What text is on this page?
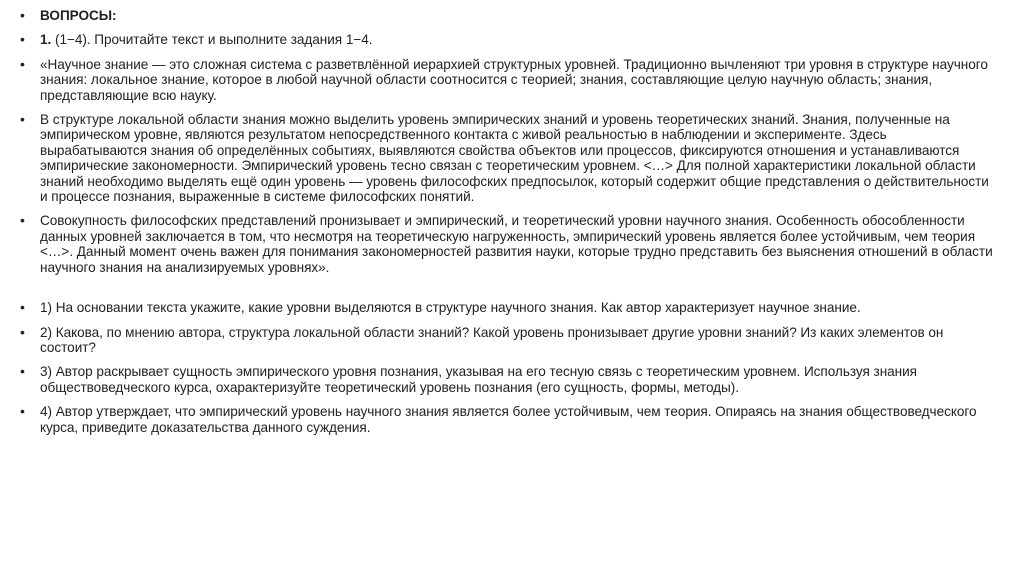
• ВОПРОСЫ:
• 1. (1−4). Прочитайте текст и выполните задания 1−4.
• «Научное знание — это сложная система с разветвлённой иерархией структурных уровней. Традиционно вычленяют три уровня в структуре научного знания: локальное знание, которое в любой научной области соотносится с теорией; знания, составляющие целую научную область; знания, представляющие всю науку.
• В структуре локальной области знания можно выделить уровень эмпирических знаний и уровень теоретических знаний. Знания, полученные на эмпирическом уровне, являются результатом непосредственного контакта с живой реальностью в наблюдении и эксперименте. Здесь вырабатываются знания об определённых событиях, выявляются свойства объектов или процессов, фиксируются отношения и устанавливаются эмпирические закономерности. Эмпирический уровень тесно связан с теоретическим уровнем. <…> Для полной характеристики локальной области знаний необходимо выделять ещё один уровень — уровень философских предпосылок, который содержит общие представления о действительности и процессе познания, выраженные в системе философских понятий.
• Совокупность философских представлений пронизывает и эмпирический, и теоретический уровни научного знания. Особенность обособленности данных уровней заключается в том, что несмотря на теоретическую нагруженность, эмпирический уровень является более устойчивым, чем теория <…>. Данный момент очень важен для понимания закономерностей развития науки, которые трудно представить без выяснения отношений в области научного знания на анализируемых уровнях».
• 1) На основании текста укажите, какие уровни выделяются в структуре научного знания. Как автор характеризует научное знание.
• 2) Какова, по мнению автора, структура локальной области знаний? Какой уровень пронизывает другие уровни знаний? Из каких элементов он состоит?
• 3) Автор раскрывает сущность эмпирического уровня познания, указывая на его тесную связь с теоретическим уровнем. Используя знания обществоведческого курса, охарактеризуйте теоретический уровень познания (его сущность, формы, методы).
• 4) Автор утверждает, что эмпирический уровень научного знания является более устойчивым, чем теория. Опираясь на знания обществоведческого курса, приведите доказательства данного суждения.
